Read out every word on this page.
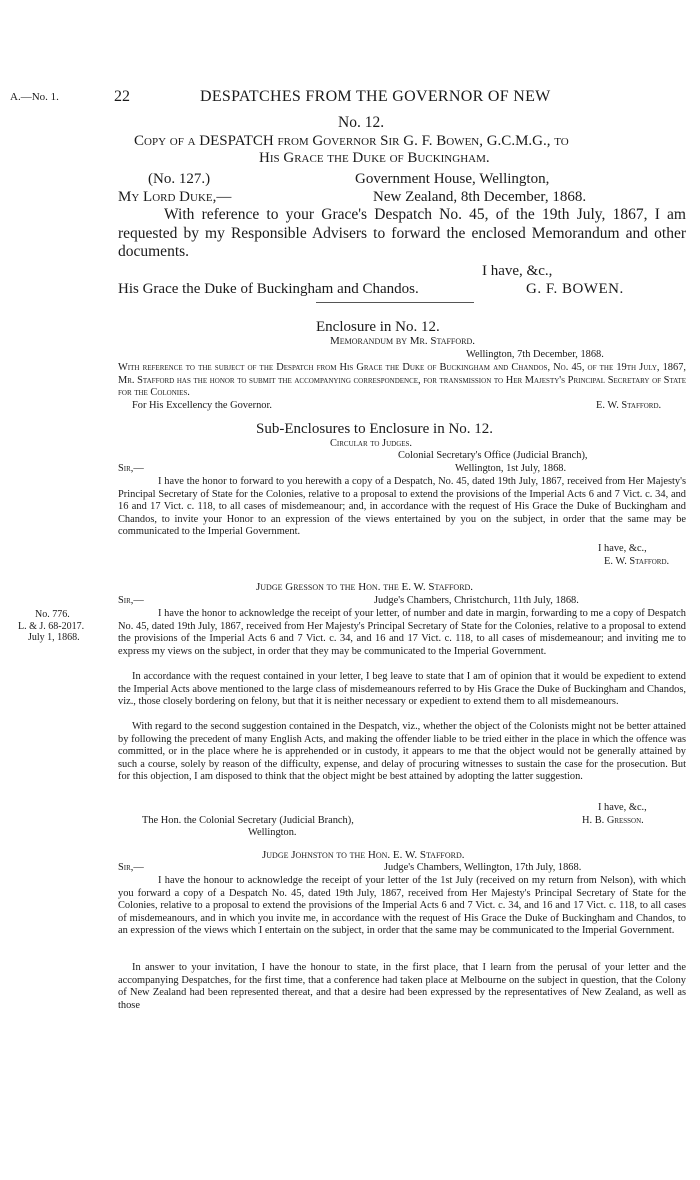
A.—No. 1.	22	DESPATCHES FROM THE GOVERNOR OF NEW
No. 12.
Copy of a DESPATCH from Governor Sir G. F. Bowen, G.C.M.G., to
His Grace the Duke of Buckingham.
(No. 127.)	Government House, Wellington,
My Lord Duke,—	New Zealand, 8th December, 1868.
With reference to your Grace's Despatch No. 45, of the 19th July, 1867, I am requested by my Responsible Advisers to forward the enclosed Memorandum and other documents.
I have, &c.,
His Grace the Duke of Buckingham and Chandos.	G. F. BOWEN.
Enclosure in No. 12.
Memorandum by Mr. Stafford.
Wellington, 7th December, 1868.
With reference to the subject of the Despatch from His Grace the Duke of Buckingham and Chandos, No. 45, of the 19th July, 1867, Mr. Stafford has the honor to submit the accompanying correspondence, for transmission to Her Majesty's Principal Secretary of State for the Colonies.
For His Excellency the Governor.	E. W. Stafford.
Sub-Enclosures to Enclosure in No. 12.
Circular to Judges.
Colonial Secretary's Office (Judicial Branch),
Sir,—	Wellington, 1st July, 1868.
I have the honor to forward to you herewith a copy of a Despatch, No. 45, dated 19th July, 1867, received from Her Majesty's Principal Secretary of State for the Colonies, relative to a proposal to extend the provisions of the Imperial Acts 6 and 7 Vict. c. 34, and 16 and 17 Vict. c. 118, to all cases of misdemeanour; and, in accordance with the request of His Grace the Duke of Buckingham and Chandos, to invite your Honor to an expression of the views entertained by you on the subject, in order that the same may be communicated to the Imperial Government.
I have, &c.,
E. W. Stafford.
Judge Gresson to the Hon. the E. W. Stafford.
Sir,—	Judge's Chambers, Christchurch, 11th July, 1868.
No. 776.
L. & J. 68-2017.
July 1, 1868.
I have the honor to acknowledge the receipt of your letter, of number and date in margin, forwarding to me a copy of Despatch No. 45, dated 19th July, 1867, received from Her Majesty's Principal Secretary of State for the Colonies, relative to a proposal to extend the provisions of the Imperial Acts 6 and 7 Vict. c. 34, and 16 and 17 Vict. c. 118, to all cases of misdemeanour; and inviting me to express my views on the subject, in order that they may be communicated to the Imperial Government.
In accordance with the request contained in your letter, I beg leave to state that I am of opinion that it would be expedient to extend the Imperial Acts above mentioned to the large class of misdemeanours referred to by His Grace the Duke of Buckingham and Chandos, viz., those closely bordering on felony, but that it is neither necessary or expedient to extend them to all misdemeanours.
With regard to the second suggestion contained in the Despatch, viz., whether the object of the Colonists might not be better attained by following the precedent of many English Acts, and making the offender liable to be tried either in the place in which the offence was committed, or in the place where he is apprehended or in custody, it appears to me that the object would not be generally attained by such a course, solely by reason of the difficulty, expense, and delay of procuring witnesses to sustain the case for the prosecution. But for this objection, I am disposed to think that the object might be best attained by adopting the latter suggestion.
I have, &c.,
The Hon. the Colonial Secretary (Judicial Branch),	H. B. Gresson.
Wellington.
Judge Johnston to the Hon. E. W. Stafford.
Sir,—	Judge's Chambers, Wellington, 17th July, 1868.
I have the honour to acknowledge the receipt of your letter of the 1st July (received on my return from Nelson), with which you forward a copy of a Despatch No. 45, dated 19th July, 1867, received from Her Majesty's Principal Secretary of State for the Colonies, relative to a proposal to extend the provisions of the Imperial Acts 6 and 7 Vict. c. 34, and 16 and 17 Vict. c. 118, to all cases of misdemeanours, and in which you invite me, in accordance with the request of His Grace the Duke of Buckingham and Chandos, to an expression of the views which I entertain on the subject, in order that the same may be communicated to the Imperial Government.
In answer to your invitation, I have the honour to state, in the first place, that I learn from the perusal of your letter and the accompanying Despatches, for the first time, that a conference had taken place at Melbourne on the subject in question, that the Colony of New Zealand had been represented thereat, and that a desire had been expressed by the representatives of New Zealand, as well as those
